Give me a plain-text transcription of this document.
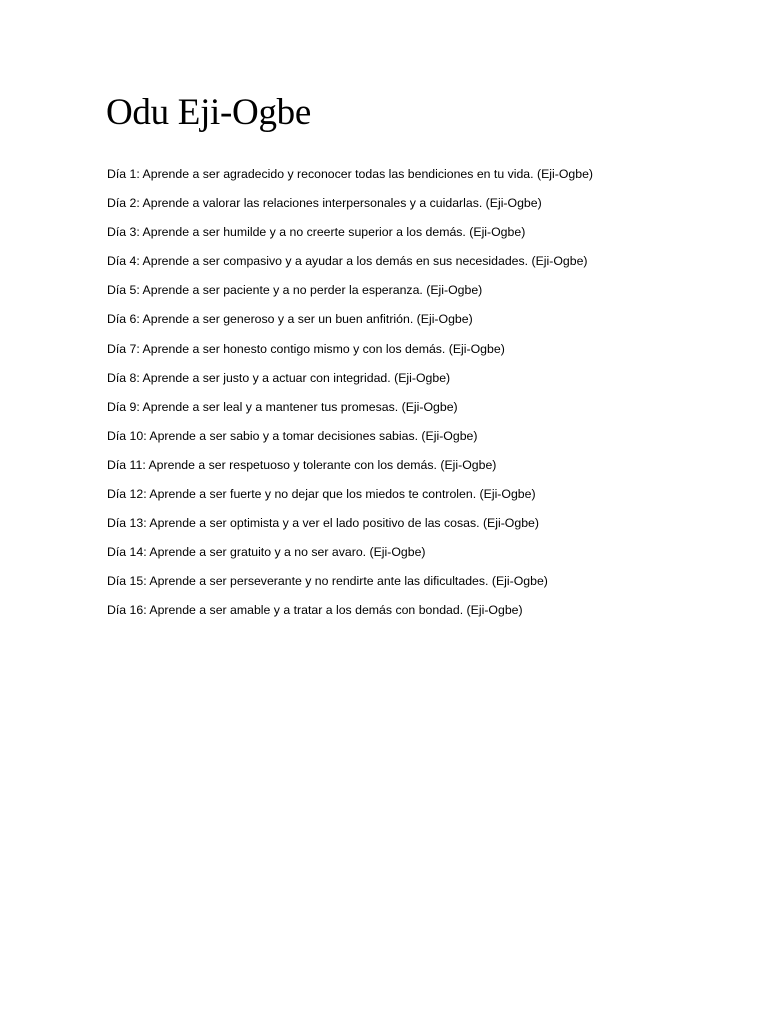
Odu Eji-Ogbe
Día 1: Aprende a ser agradecido y reconocer todas las bendiciones en tu vida. (Eji-Ogbe)
Día 2: Aprende a valorar las relaciones interpersonales y a cuidarlas. (Eji-Ogbe)
Día 3: Aprende a ser humilde y a no creerte superior a los demás. (Eji-Ogbe)
Día 4: Aprende a ser compasivo y a ayudar a los demás en sus necesidades. (Eji-Ogbe)
Día 5: Aprende a ser paciente y a no perder la esperanza. (Eji-Ogbe)
Día 6: Aprende a ser generoso y a ser un buen anfitrión. (Eji-Ogbe)
Día 7: Aprende a ser honesto contigo mismo y con los demás. (Eji-Ogbe)
Día 8: Aprende a ser justo y a actuar con integridad. (Eji-Ogbe)
Día 9: Aprende a ser leal y a mantener tus promesas. (Eji-Ogbe)
Día 10: Aprende a ser sabio y a tomar decisiones sabias. (Eji-Ogbe)
Día 11: Aprende a ser respetuoso y tolerante con los demás. (Eji-Ogbe)
Día 12: Aprende a ser fuerte y no dejar que los miedos te controlen. (Eji-Ogbe)
Día 13: Aprende a ser optimista y a ver el lado positivo de las cosas. (Eji-Ogbe)
Día 14: Aprende a ser gratuito y a no ser avaro. (Eji-Ogbe)
Día 15: Aprende a ser perseverante y no rendirte ante las dificultades. (Eji-Ogbe)
Día 16: Aprende a ser amable y a tratar a los demás con bondad. (Eji-Ogbe)
